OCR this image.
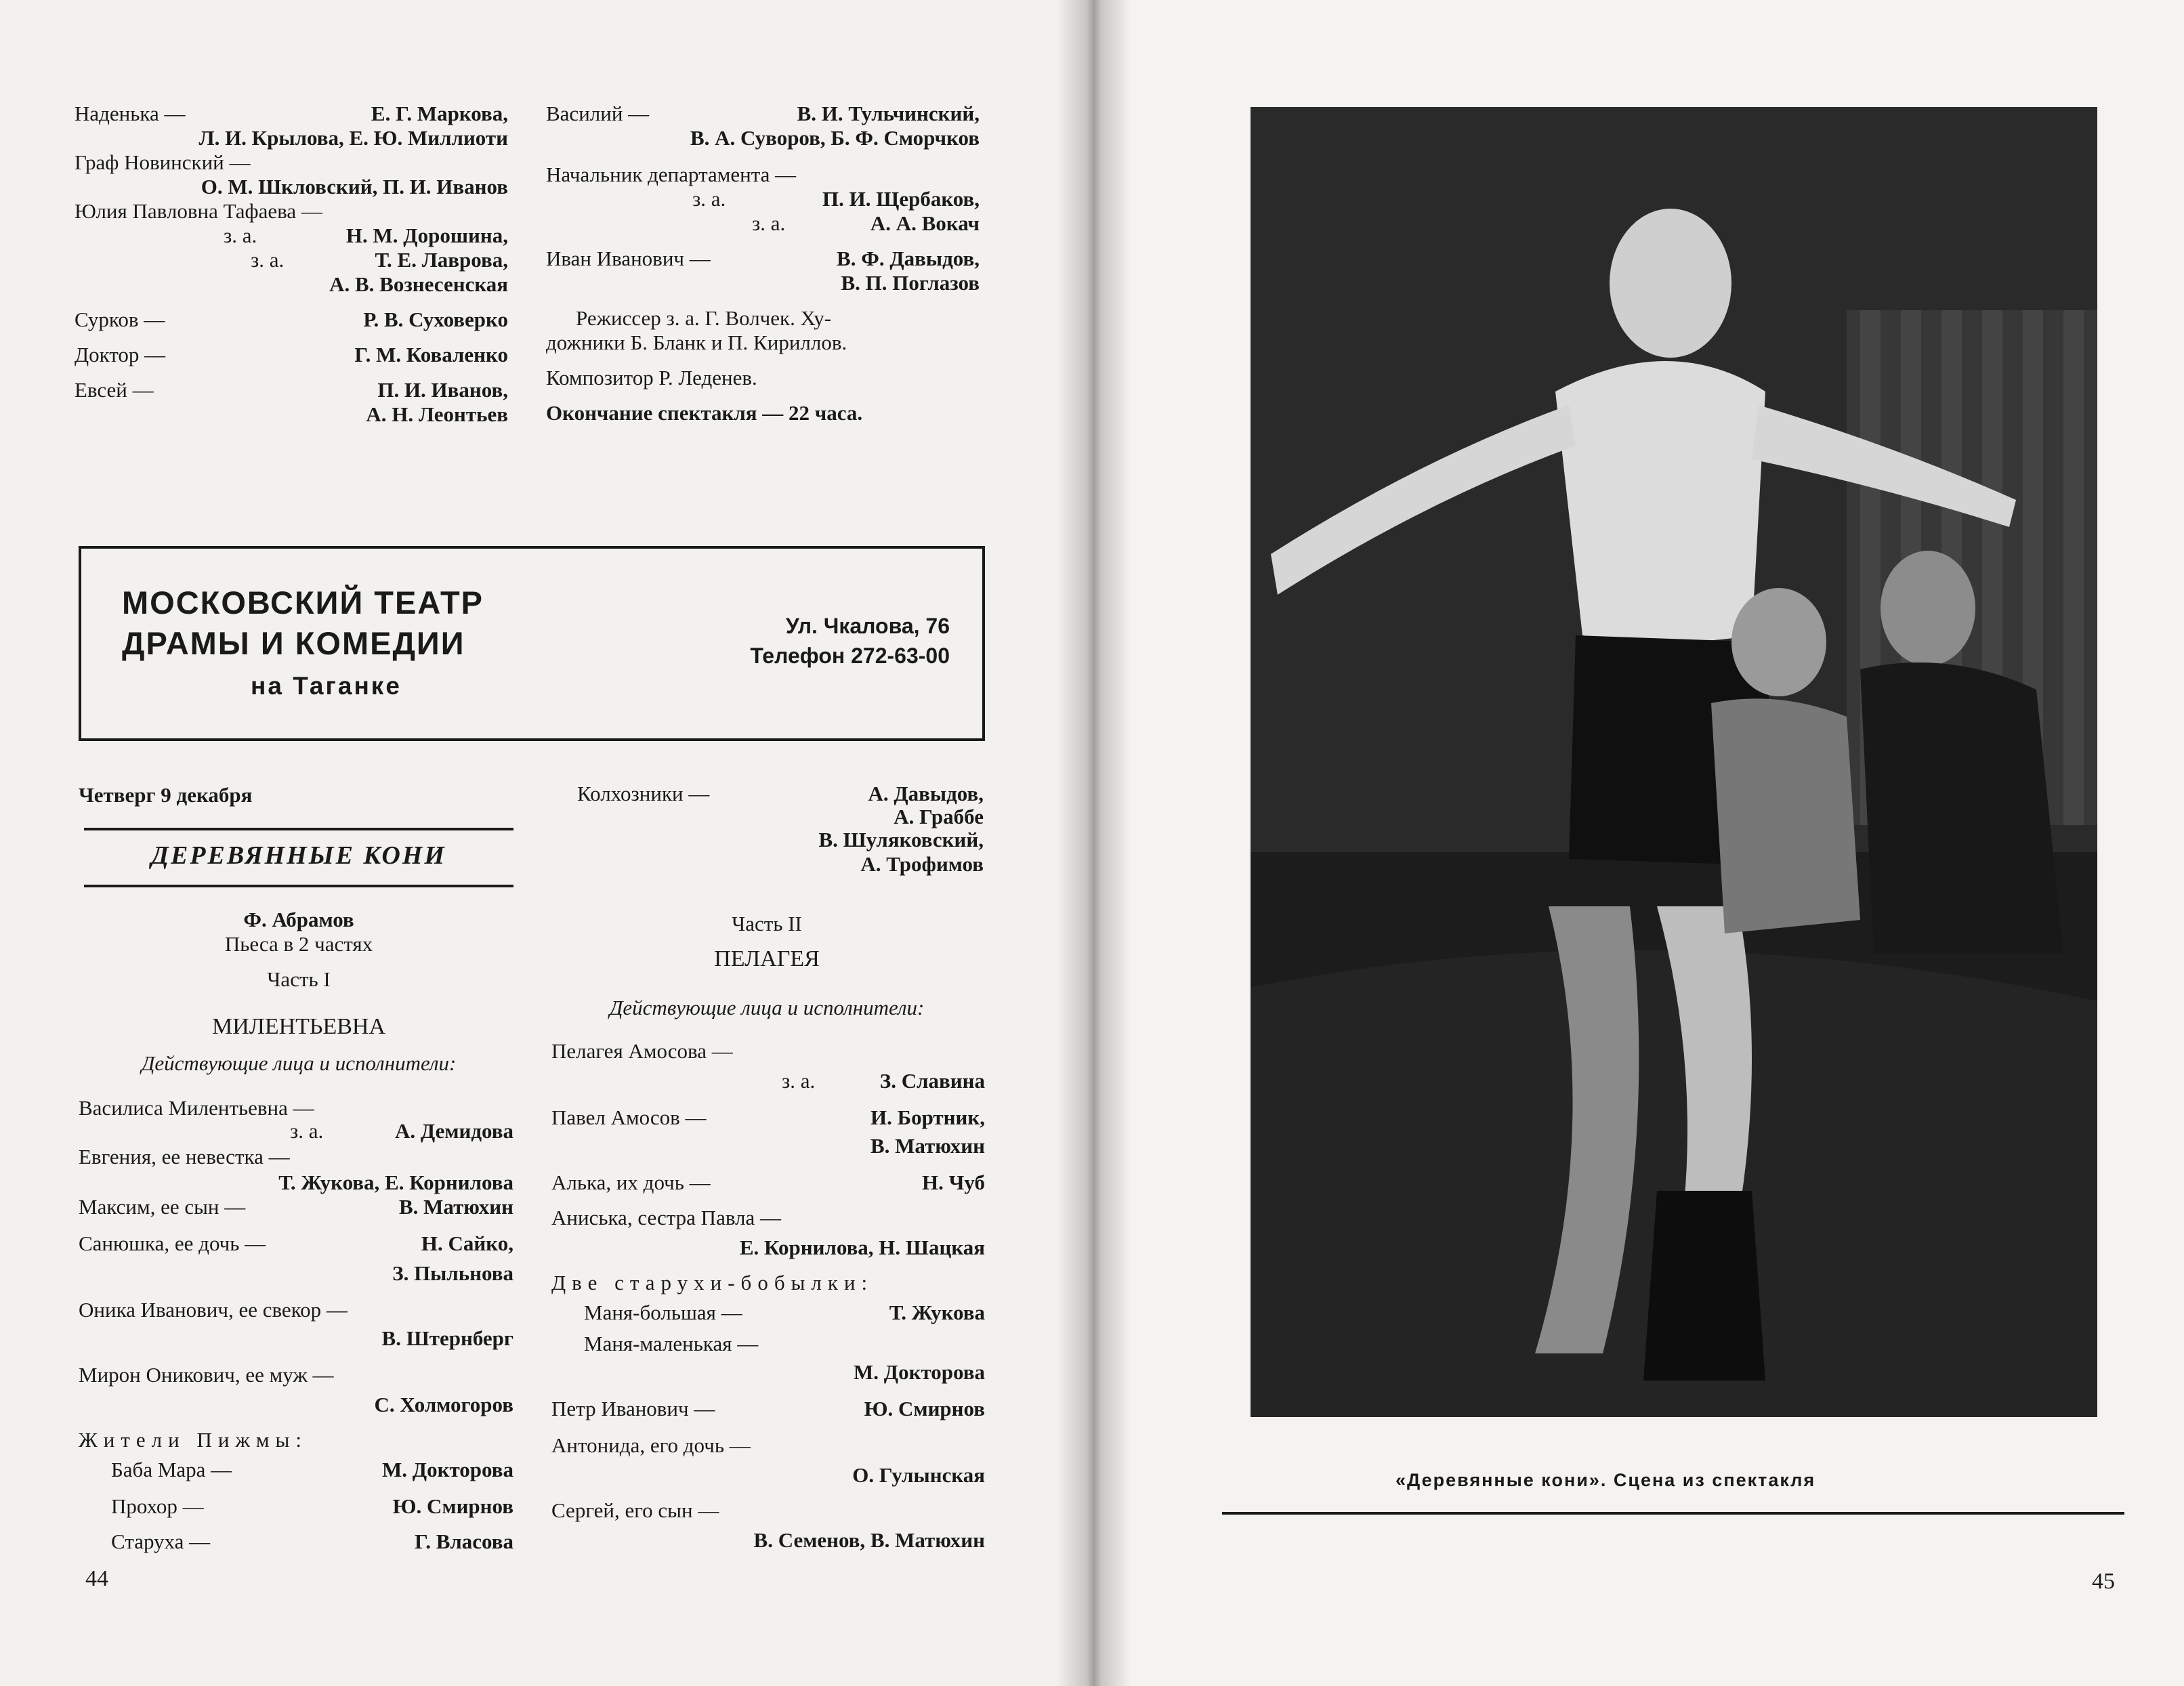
Наденька —	Е. Г. Маркова,
Л. И. Крылова, Е. Ю. Миллиоти
Граф Новинский —
О. М. Шкловский, П. И. Иванов
Юлия Павловна Тафаева —
з. а.	Н. М. Дорошина,
з. а.	Т. Е. Лаврова,
А. В. Вознесенская
Сурков —	Р. В. Суховерко
Доктор —	Г. М. Коваленко
Евсей —	П. И. Иванов,
А. Н. Леонтьев
Василий —	В. И. Тульчинский,
В. А. Суворов, Б. Ф. Сморчков
Начальник департамента —
з. а.	П. И. Щербаков,
з. а.	А. А. Вокач
Иван Иванович —	В. Ф. Давыдов,
В. П. Поглазов
Режиссер з. а. Г. Волчек. Ху-
дожники Б. Бланк и П. Кириллов.
Композитор Р. Леденев.
Окончание спектакля — 22 часа.
МОСКОВСКИЙ ТЕАТР
ДРАМЫ И КОМЕДИИ
на Таганке
Ул. Чкалова, 76
Телефон 272-63-00
Четверг 9 декабря
ДЕРЕВЯННЫЕ КОНИ
Ф. Абрамов
Пьеса в 2 частях
Часть I
МИЛЕНТЬЕВНА
Действующие лица и исполнители:
Василиса Милентьевна —
з. а.	А. Демидова
Евгения, ее невестка —
Т. Жукова, Е. Корнилова
Максим, ее сын —	В. Матюхин
Санюшка, ее дочь —	Н. Сайко,
З. Пыльнова
Оника Иванович, ее свекор —
В. Штернберг
Мирон Оникович, ее муж —
С. Холмогоров
Жители Пижмы:
Баба Мара —	М. Докторова
Прохор —	Ю. Смирнов
Старуха —	Г. Власова
Колхозники —	А. Давыдов,
А. Граббе
В. Шуляковский,
А. Трофимов
Часть II
ПЕЛАГЕЯ
Действующие лица и исполнители:
Пелагея Амосова —
з. а.	З. Славина
Павел Амосов —	И. Бортник,
В. Матюхин
Алька, их дочь —	Н. Чуб
Аниська, сестра Павла —
Е. Корнилова, Н. Шацкая
Две старухи-бобылки:
Маня-большая —	Т. Жукова
Маня-маленькая —
М. Докторова
Петр Иванович —	Ю. Смирнов
Антонида, его дочь —
О. Гулынская
Сергей, его сын —
В. Семенов, В. Матюхин
44
«Деревянные кони». Сцена из спектакля
45
